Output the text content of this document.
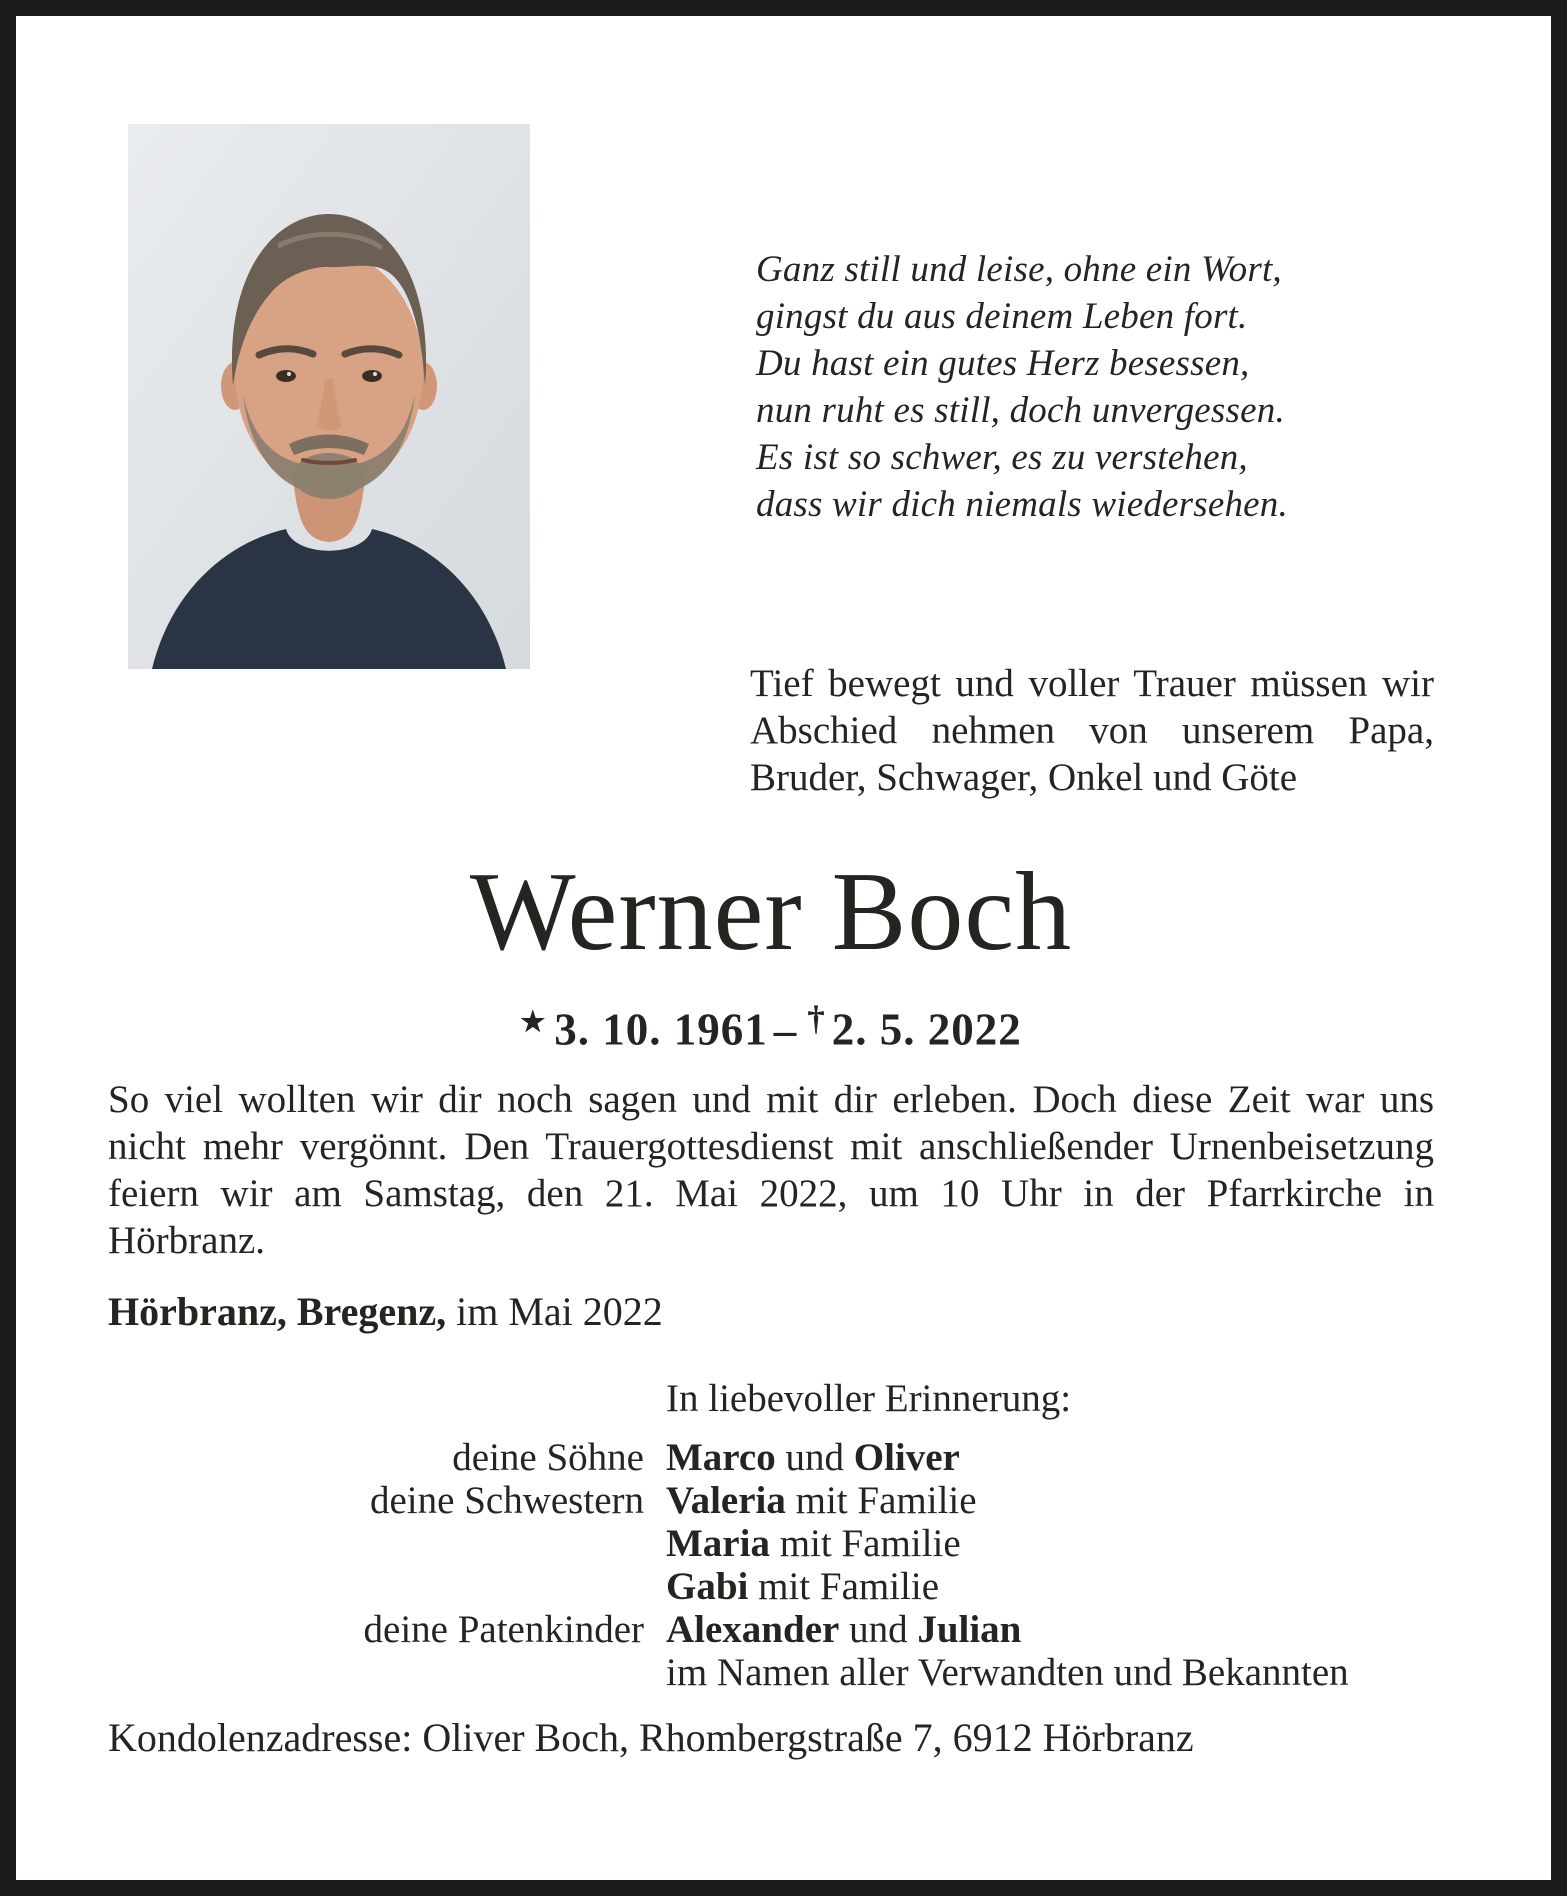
Ganz still und leise, ohne ein Wort,
gingst du aus deinem Leben fort.
Du hast ein gutes Herz besessen,
nun ruht es still, doch unvergessen.
Es ist so schwer, es zu verstehen,
dass wir dich niemals wiedersehen.
Tief bewegt und voller Trauer müssen wir Abschied nehmen von unserem Papa, Bruder, Schwager, Onkel und Göte
Werner Boch
★ 3. 10. 1961 – † 2. 5. 2022
So viel wollten wir dir noch sagen und mit dir erleben. Doch diese Zeit war uns nicht mehr vergönnt. Den Trauergottesdienst mit anschließender Urnenbeisetzung feiern wir am Samstag, den 21. Mai 2022, um 10 Uhr in der Pfarrkirche in Hörbranz.
Hörbranz, Bregenz, im Mai 2022
In liebevoller Erinnerung:
deine Söhne Marco und Oliver
deine Schwestern Valeria mit Familie
Maria mit Familie
Gabi mit Familie
deine Patenkinder Alexander und Julian
im Namen aller Verwandten und Bekannten
Kondolenzadresse: Oliver Boch, Rhombergstraße 7, 6912 Hörbranz
